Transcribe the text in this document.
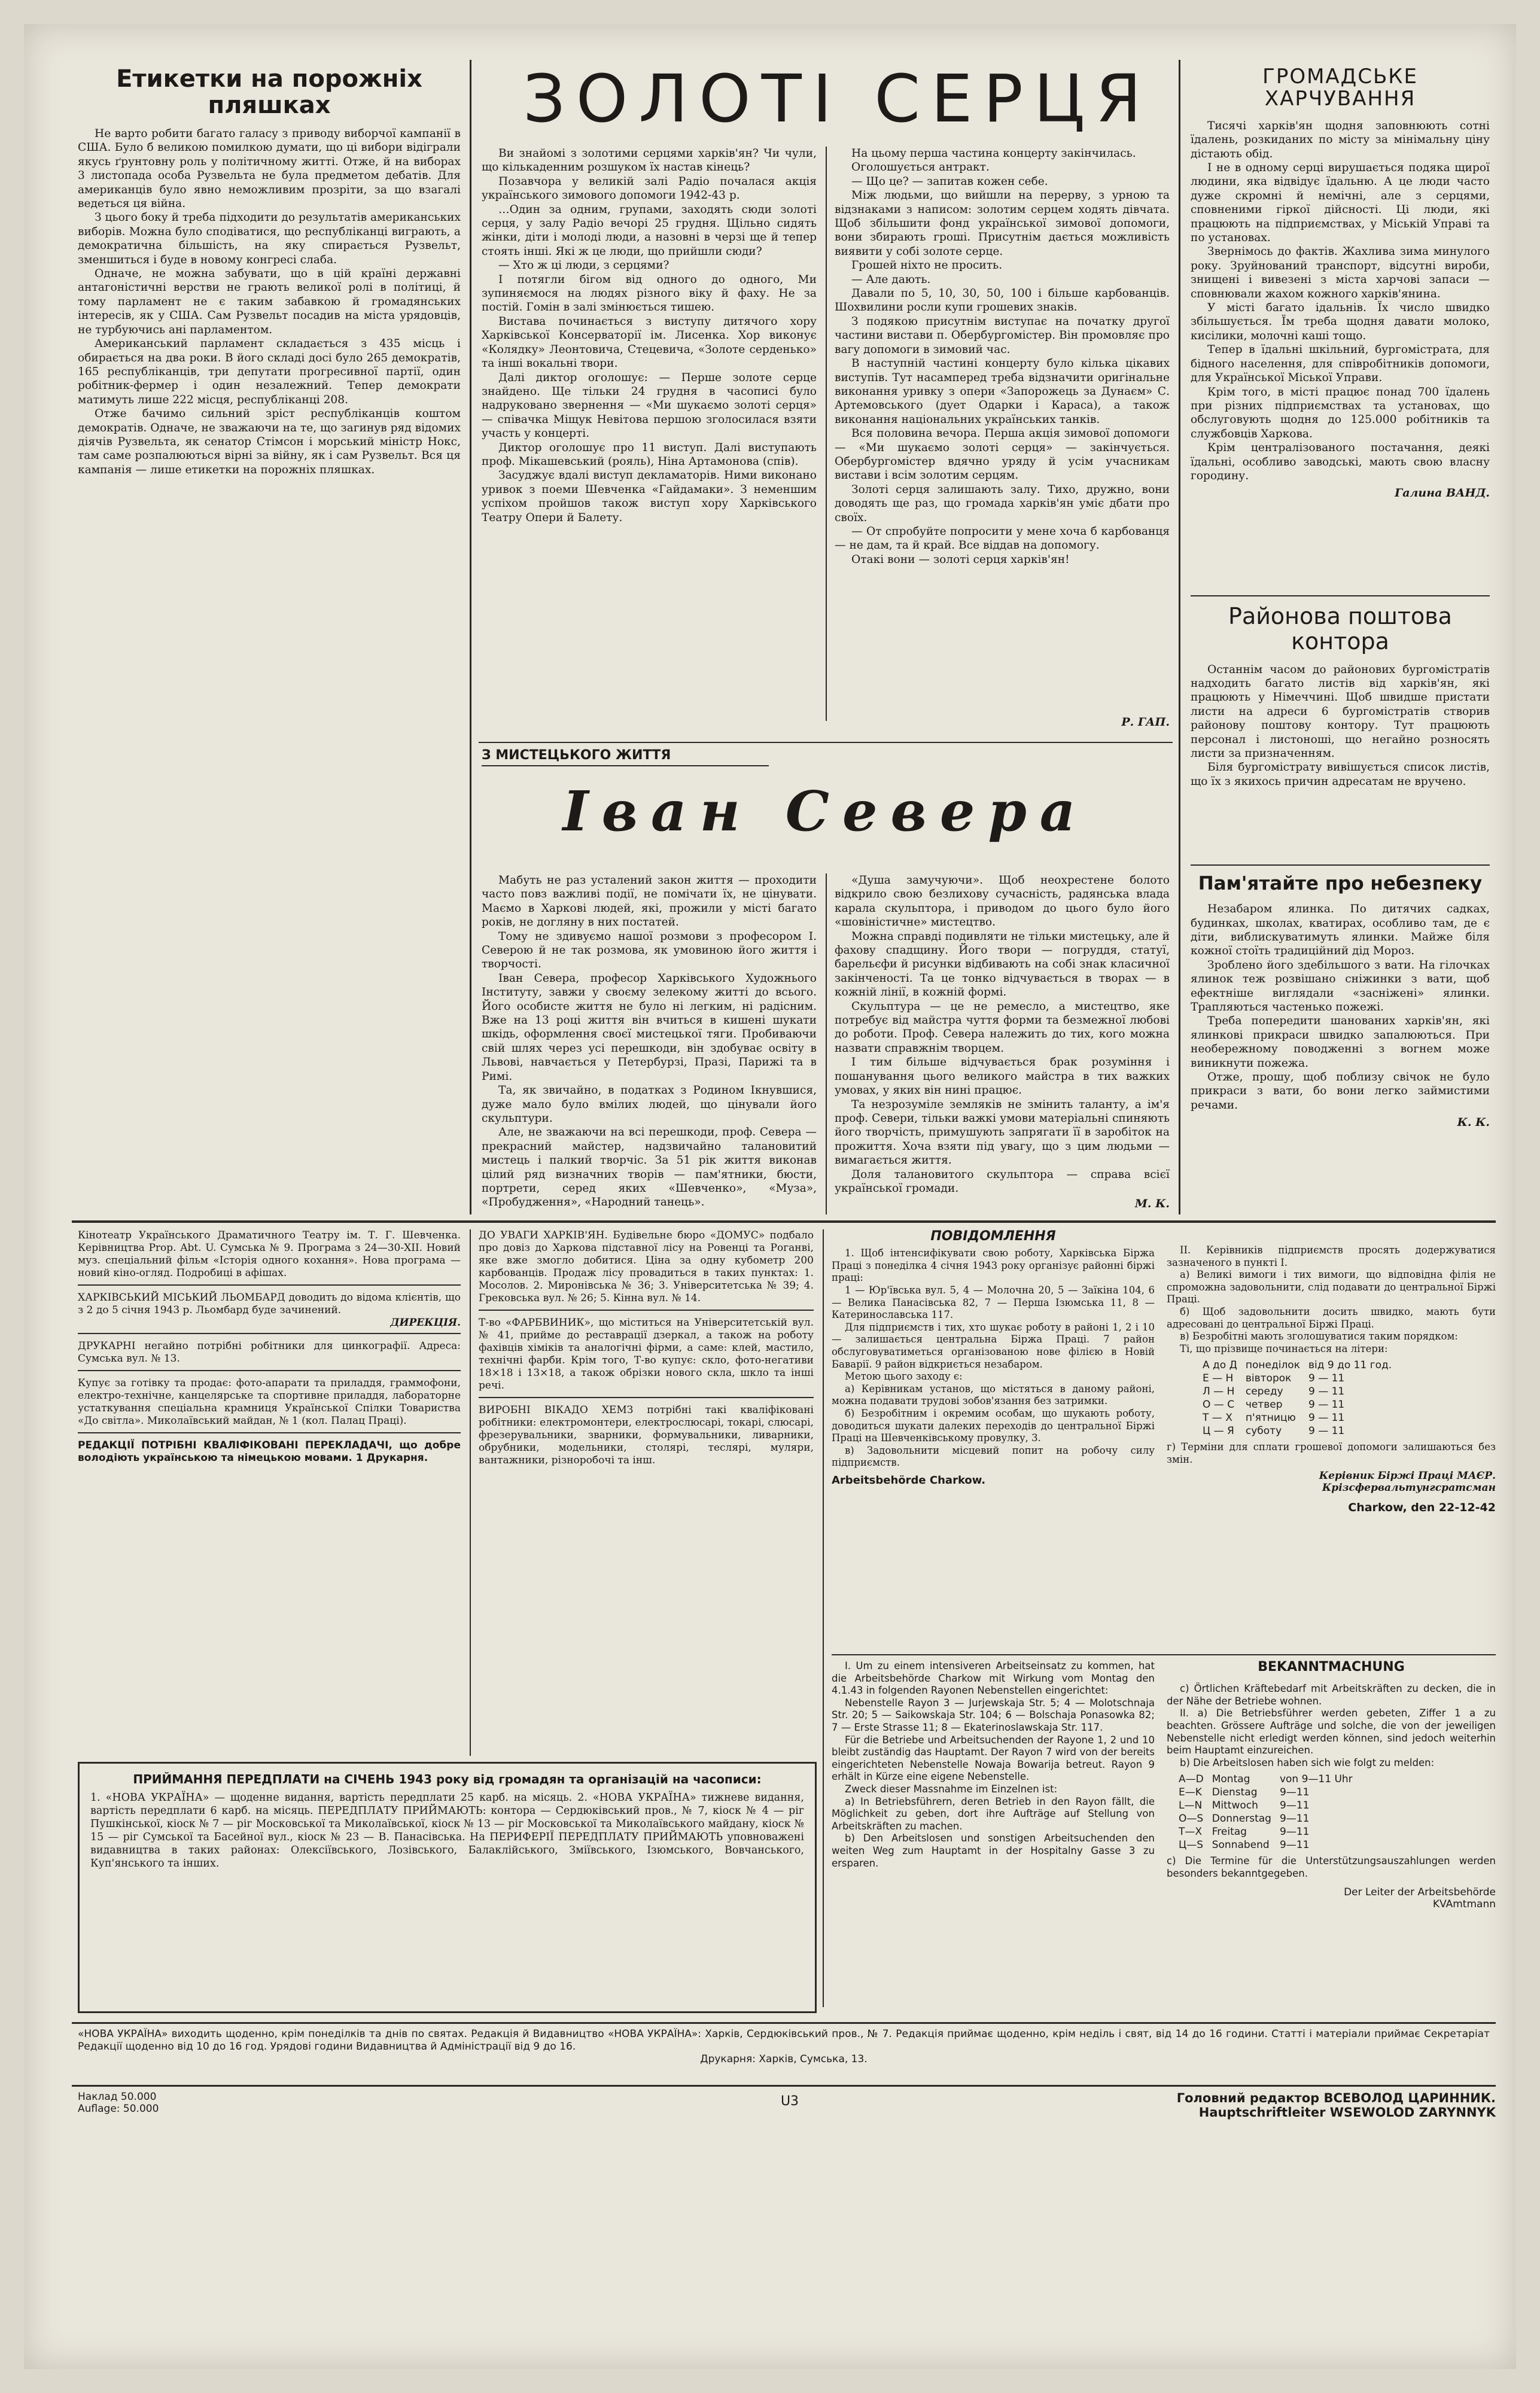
Етикетки на порожніх пляшках

Не варто робити багато галасу з приводу виборчої кампанії в США. Було б великою помилкою думати, що ці вибори відіграли якусь ґрунтовну роль у політичному житті. Отже, й на виборах 3 листопада особа Рузвельта не була предметом дебатів. Для американців було явно неможливим прозріти, за що взагалі ведеться ця війна.

З цього боку й треба підходити до результатів американських виборів. Можна було сподіватися, що республіканці виграють, а демократична більшість, на яку спирається Рузвельт, зменшиться і буде в новому конгресі слаба.

Одначе, не можна забувати, що в цій країні державні антагоністичні верстви не грають великої ролі в політиці, й тому парламент не є таким забавкою й громадянських інтересів, як у США. Сам Рузвельт посадив на міста урядовців, не турбуючись ані парламентом.

Американський парламент складається з 435 місць і обирається на два роки. В його складі досі було 265 демократів, 165 республіканців, три депутати прогресивної партії, один робітник-фермер і один незалежний. Тепер демократи матимуть лише 222 місця, республіканці 208.

Отже бачимо сильний зріст республіканців коштом демократів. Одначе, не зважаючи на те, що загинув ряд відомих діячів Рузвельта, як сенатор Стімсон і морський міністр Нокс, там саме розпалюються вірні за війну, як і сам Рузвельт. Вся ця кампанія — лише етикетки на порожніх пляшках.

ЗОЛОТІ СЕРЦЯ

Ви знайомі з золотими серцями харків'ян? Чи чули, що кількаденним розшуком їх настав кінець?

Позавчора у великій залі Радіо почалася акція українського зимового допомоги 1942-43 р.

…Один за одним, групами, заходять сюди золоті серця, у залу Радіо вечорі 25 грудня. Щільно сидять жінки, діти і молоді люди, а назовні в черзі ще й тепер стоять інші. Які ж це люди, що прийшли сюди?

— Хто ж ці люди, з серцями?

І потягли бігом від одного до одного, Ми зупиняємося на людях різного віку й фаху. Не за постій. Гомін в залі змінюється тишею.

Вистава починається з виступу дитячого хору Харківської Консерваторії ім. Лисенка. Хор виконує «Колядку» Леонтовича, Стецевича, «Золоте серденько» та інші вокальні твори.

Далі диктор оголошує: — Перше золоте серце знайдено. Ще тільки 24 грудня в часописі було надруковано звернення — «Ми шукаємо золоті серця» — співачка Міщук Невітова першою зголосилася взяти участь у концерті.

Диктор оголошує про 11 виступ. Далі виступають проф. Мікашевський (рояль), Ніна Артамонова (спів).

Засуджує вдалі виступ декламаторів. Ними виконано уривок з поеми Шевченка «Гайдамаки». З неменшим успіхом пройшов також виступ хору Харківського Театру Опери й Балету.

На цьому перша частина концерту закінчилась.

Оголошується антракт.

— Що це? — запитав кожен себе.

Між людьми, що вийшли на перерву, з урною та відзнаками з написом: золотим серцем ходять дівчата. Щоб збільшити фонд української зимової допомоги, вони збирають гроші. Присутнім дається можливість виявити у собі золоте серце.

Грошей ніхто не просить.

— Але дають.

Давали по 5, 10, 30, 50, 100 і більше карбованців. Шохвилини росли купи грошевих знаків.

З подякою присутнім виступає на початку другої частини вистави п. Обербургомістер. Він промовляє про вагу допомоги в зимовий час.

В наступній частині концерту було кілька цікавих виступів. Тут насамперед треба відзначити оригінальне виконання уривку з опери «Запорожець за Дунаєм» С. Артемовського (дует Одарки і Караса), а також виконання національних українських танків.

Вся половина вечора. Перша акція зимової допомоги — «Ми шукаємо золоті серця» — закінчується. Обербургомістер вдячно уряду й усім учасникам вистави і всім золотим серцям.

Золоті серця залишають залу. Тихо, дружно, вони доводять ще раз, що громада харків'ян уміє дбати про своїх.

— От спробуйте попросити у мене хоча б карбованця — не дам, та й край. Все віддав на допомогу.

Отакі вони — золоті серця харків'ян!

Р. ГАП.
З МИСТЕЦЬКОГО ЖИТТЯ
Іван Севера

Мабуть не раз усталений закон життя — проходити часто повз важливі події, не помічати їх, не цінувати. Маємо в Харкові людей, які, прожили у місті багато років, не догляну в них постатей.

Тому не здивуємо нашої розмови з професором І. Северою й не так розмова, як умовиною його життя і творчості.

Іван Севера, професор Харківського Художнього Інституту, завжи у своєму зелекому житті до всього. Його особисте життя не було ні легким, ні радісним. Вже на 13 році життя він вчиться в кишені шукати шкідь, оформлення своєї мистецької тяги. Пробиваючи свій шлях через усі перешкоди, він здобуває освіту в Львові, навчається у Петербурзі, Празі, Парижі та в Римі.

Та, як звичайно, в податках з Родином Ікнувшися, дуже мало було вмілих людей, що цінували його скульптури.

Але, не зважаючи на всі перешкоди, проф. Севера — прекрасний майстер, надзвичайно талановитий мистець і палкий творчіс. За 51 рік життя виконав цілий ряд визначних творів — пам'ятники, бюсти, портрети, серед яких «Шевченко», «Муза», «Пробудження», «Народний танець».

«Душа замучуючи». Щоб неохрестене болото відкрило свою безлихову сучасність, радянська влада карала скульптора, і приводом до цього було його «шовіністичне» мистецтво.

Можна справді подивляти не тільки мистецьку, але й фахову спадщину. Його твори — погруддя, статуї, барельєфи й рисунки відбивають на собі знак класичної закінченості. Та це тонко відчувається в творах — в кожній лінії, в кожній формі.

Скульптура — це не ремесло, а мистецтво, яке потребує від майстра чуття форми та безмежної любові до роботи. Проф. Севера належить до тих, кого можна назвати справжнім творцем.

І тим більше відчувається брак розуміння і пошанування цього великого майстра в тих важких умовах, у яких він нині працює.

Та незрозуміле земляків не змінить таланту, а ім'я проф. Севери, тільки важкі умови матеріальні спиняють його творчість, примушують запрягати її в заробіток на прожиття. Хоча взяти під увагу, що з цим людьми — вимагається життя.

Доля талановитого скульптора — справа всієї української громади.

М. К.
ГРОМАДСЬКЕ ХАРЧУВАННЯ

Тисячі харків'ян щодня заповнюють сотні їдалень, розкиданих по місту за мінімальну ціну дістають обід.

І не в одному серці вирушається подяка щирої людини, яка відвідує їдальню. А це люди часто дуже скромні й немічні, але з серцями, сповненими гіркої дійсності. Ці люди, які працюють на підприємствах, у Міській Управі та по установах.

Звернімось до фактів. Жахлива зима минулого року. Зруйнований транспорт, відсутні вироби, знищені і вивезені з міста харчові запаси — сповнювали жахом кожного харків'янина.

У місті багато ідальнів. Їх число швидко збільшується. Їм треба щодня давати молоко, кисілики, молочні каші тощо.

Тепер в їдальні шкільний, бургомістрата, для бідного населення, для співробітників допомоги, для Української Міської Управи.

Крім того, в місті працює понад 700 їдалень при різних підприємствах та установах, що обслуговують щодня до 125.000 робітників та службовців Харкова.

Крім централізованого постачання, деякі їдальні, особливо заводські, мають свою власну городину.

Галина ВАНД.
Районова поштова контора

Останнім часом до районових бургомістратів надходить багато листів від харків'ян, які працюють у Німеччині. Щоб швидше пристати листи на адреси 6 бургомістратів створив районову поштову контору. Тут працюють персонал і листоноші, що негайно розносять листи за призначенням.

Біля бургомістрату вивішується список листів, що їх з якихось причин адресатам не вручено.

Пам'ятайте про небезпеку

Незабаром ялинка. По дитячих садках, будинках, школах, кватирах, особливо там, де є діти, виблискуватимуть ялинки. Майже біля кожної стоїть традиційний дід Мороз.

Зроблено його здебільшого з вати. На гілочках ялинок теж розвішано сніжинки з вати, щоб ефектніше виглядали «засніжені» ялинки. Трапляються частенько пожежі.

Треба попередити шанованих харків'ян, які ялинкові прикраси швидко запалюються. При необережному поводженні з вогнем може виникнути пожежа.

Отже, прошу, щоб поблизу свічок не було прикраси з вати, бо вони легко займистими речами.

К. К.
Кінотеатр Українського Драматичного Театру ім. Т. Г. Шевченка. Керівництва Prop. Abt. U. Сумська № 9. Програма з 24—30-XII. Новий муз. спеціальний фільм «Історія одного кохання». Нова програма — новий кіно-огляд. Подробиці в афішах.
ХАРКІВСЬКИЙ МІСЬКИЙ ЛЬОМБАРД доводить до відома клієнтів, що з 2 до 5 січня 1943 р. Льомбард буде зачинений.
ДИРЕКЦІЯ.
ДРУКАРНІ негайно потрібні робітники для цинкографії. Адреса: Сумська вул. № 13.
Купує за готівку та продає: фото-апарати та приладдя, граммофони, електро-технічне, канцелярське та спортивне приладдя, лабораторне устаткування спеціальна крамниця Української Спілки Товариства «До світла». Миколаївський майдан, № 1 (кол. Палац Праці).
РЕДАКЦІЇ ПОТРІБНІ КВАЛІФІКОВАНІ ПЕРЕКЛАДАЧІ, що добре володіють українською та німецькою мовами. 1 Друкарня.
ДО УВАГИ ХАРКІВ'ЯН. Будівельне бюро «ДОМУС» подбало про довіз до Харкова підставної лісу на Ровенці та Роганві, яке вже змогло добитися. Ціна за одну кубометр 200 карбованців. Продаж лісу провадиться в таких пунктах: 1. Мосолов. 2. Миронівська № 36; 3. Університетська № 39; 4. Грековська вул. № 26; 5. Кінна вул. № 14.
Т-во «ФАРБВИНИК», що міститься на Університетській вул. № 41, прийме до реставрації дзеркал, а також на роботу фахівців хіміків та аналогічні фірми, а саме: клей, мастило, технічні фарби. Крім того, Т-во купує: скло, фото-негативи 18×18 і 13×18, а також обрізки нового скла, шкло та інші речі.
ВИРОБНІ ВІКАДО ХЕМЗ потрібні такі кваліфіковані робітники: електромонтери, електрослюсарі, токарі, слюсарі, фрезерувальники, зварники, формувальники, ливарники, обрубники, модельники, столярі, теслярі, муляри, вантажники, різноробочі та інш.
ПОВІДОМЛЕННЯ

1. Щоб інтенсифікувати свою роботу, Харківська Біржа Праці з понеділка 4 січня 1943 року організує районні біржі праці:

1 — Юр'ївська вул. 5, 4 — Молочна 20, 5 — Заїкіна 104, 6 — Велика Панасівська 82, 7 — Перша Ізюмська 11, 8 — Катеринославська 117.

Для підприємств і тих, хто шукає роботу в районі 1, 2 і 10 — залишається центральна Біржа Праці. 7 район обслуговуватиметься організованою нове філією в Новій Баварії. 9 район відкриється незабаром.

Метою цього заходу є:

а) Керівникам установ, що містяться в даному районі, можна подавати трудові зобов'язання без затримки.

б) Безробітним і окремим особам, що шукають роботу, доводиться шукати далеких переходів до центральної Біржі Праці на Шевченківському провулку, 3.

в) Задовольнити місцевий попит на робочу силу підприємств.

Arbeitsbehörde Charkow.

II. Керівників підприємств просять додержуватися зазначеного в пункті I.

а) Великі вимоги і тих вимоги, що відповідна філія не спроможна задовольнити, слід подавати до центральної Біржі Праці.

б) Щоб задовольнити досить швидко, мають бути адресовані до центральної Біржі Праці.

в) Безробітні мають зголошуватися таким порядком:

Ті, що прізвище починається на літери:

А до Д	понеділок	від 9 до 11 год.
Е — Н	вівторок	9 — 11
Л — Н	середу	9 — 11
О — С	четвер	9 — 11
Т — Х	п'ятницю	9 — 11
Ц — Я	суботу	9 — 11
г) Терміни для сплати грошевої допомоги залишаються без змін.
Керівник Біржі Праці МАЄР.
Крізсфервальтунгсратсман
Charkow, den 22-12-42

I. Um zu einem intensiveren Arbeitseinsatz zu kommen, hat die Arbeitsbehörde Charkow mit Wirkung vom Montag den 4.1.43 in folgenden Rayonen Nebenstellen eingerichtet:

Nebenstelle Rayon 3 — Jurjewskaja Str. 5; 4 — Molotschnaja Str. 20; 5 — Saikowskaja Str. 104; 6 — Bolschaja Ponasowka 82; 7 — Erste Strasse 11; 8 — Ekaterinoslawskaja Str. 117.

Für die Betriebe und Arbeitsuchenden der Rayone 1, 2 und 10 bleibt zuständig das Hauptamt. Der Rayon 7 wird von der bereits eingerichteten Nebenstelle Nowaja Bowarija betreut. Rayon 9 erhält in Kürze eine eigene Nebenstelle.

Zweck dieser Massnahme im Einzelnen ist:

a) In Betriebsführern, deren Betrieb in den Rayon fällt, die Möglichkeit zu geben, dort ihre Aufträge auf Stellung von Arbeitskräften zu machen.

b) Den Arbeitslosen und sonstigen Arbeitsuchenden den weiten Weg zum Hauptamt in der Hospitalny Gasse 3 zu ersparen.

BEKANNTMACHUNG

c) Örtlichen Kräftebedarf mit Arbeitskräften zu decken, die in der Nähe der Betriebe wohnen.

II. a) Die Betriebsführer werden gebeten, Ziffer 1 a zu beachten. Grössere Aufträge und solche, die von der jeweiligen Nebenstelle nicht erledigt werden können, sind jedoch weiterhin beim Hauptamt einzureichen.

b) Die Arbeitslosen haben sich wie folgt zu melden:

A—D	Montag	von 9—11 Uhr
E—K	Dienstag	9—11
L—N	Mittwoch	9—11
O—S	Donnerstag	9—11
T—X	Freitag	9—11
Ц—Ѕ	Sonnabend	9—11
c) Die Termine für die Unterstützungsauszahlungen werden besonders bekanntgegeben.
Der Leiter der Arbeitsbehörde
KVAmtmann
ПРИЙМАННЯ ПЕРЕДПЛАТИ на СІЧЕНЬ 1943 року від громадян та організацій на часописи:
1. «НОВА УКРАЇНА» — щоденне видання, вартість передплати 25 карб. на місяць. 2. «НОВА УКРАЇНА» тижневе видання, вартість передплати 6 карб. на місяць. ПЕРЕДПЛАТУ ПРИЙМАЮТЬ: контора — Сердюківський пров., № 7, кіоск № 4 — ріг Пушкінської, кіоск № 7 — ріг Московської та Миколаївської, кіоск № 13 — ріг Московської та Миколаївського майдану, кіоск № 15 — ріг Сумської та Басейної вул., кіоск № 23 — В. Панасівська. На ПЕРИФЕРІЇ ПЕРЕДПЛАТУ ПРИЙМАЮТЬ уповноважені видавництва в таких районах: Олексіївського, Лозівського, Балаклійського, Зміївського, Ізюмського, Вовчанського, Куп'янського та інших.
«НОВА УКРАЇНА» виходить щоденно, крім понеділків та днів по святах. Редакція й Видавництво «НОВА УКРАЇНА»: Харків, Сердюківський пров., № 7. Редакція приймає щоденно, крім неділь і свят, від 14 до 16 години. Статті і матеріали приймає Секретаріат Редакції щоденно від 10 до 16 год. Урядові години Видавництва й Адміністрації від 9 до 16.
Друкарня: Харків, Сумська, 13.
Наклад 50.000
Auflage: 50.000	U3	Головний редактор ВСЕВОЛОД ЦАРИННИК.
Hauptschriftleiter WSEWOLOD ZARYNNYK
